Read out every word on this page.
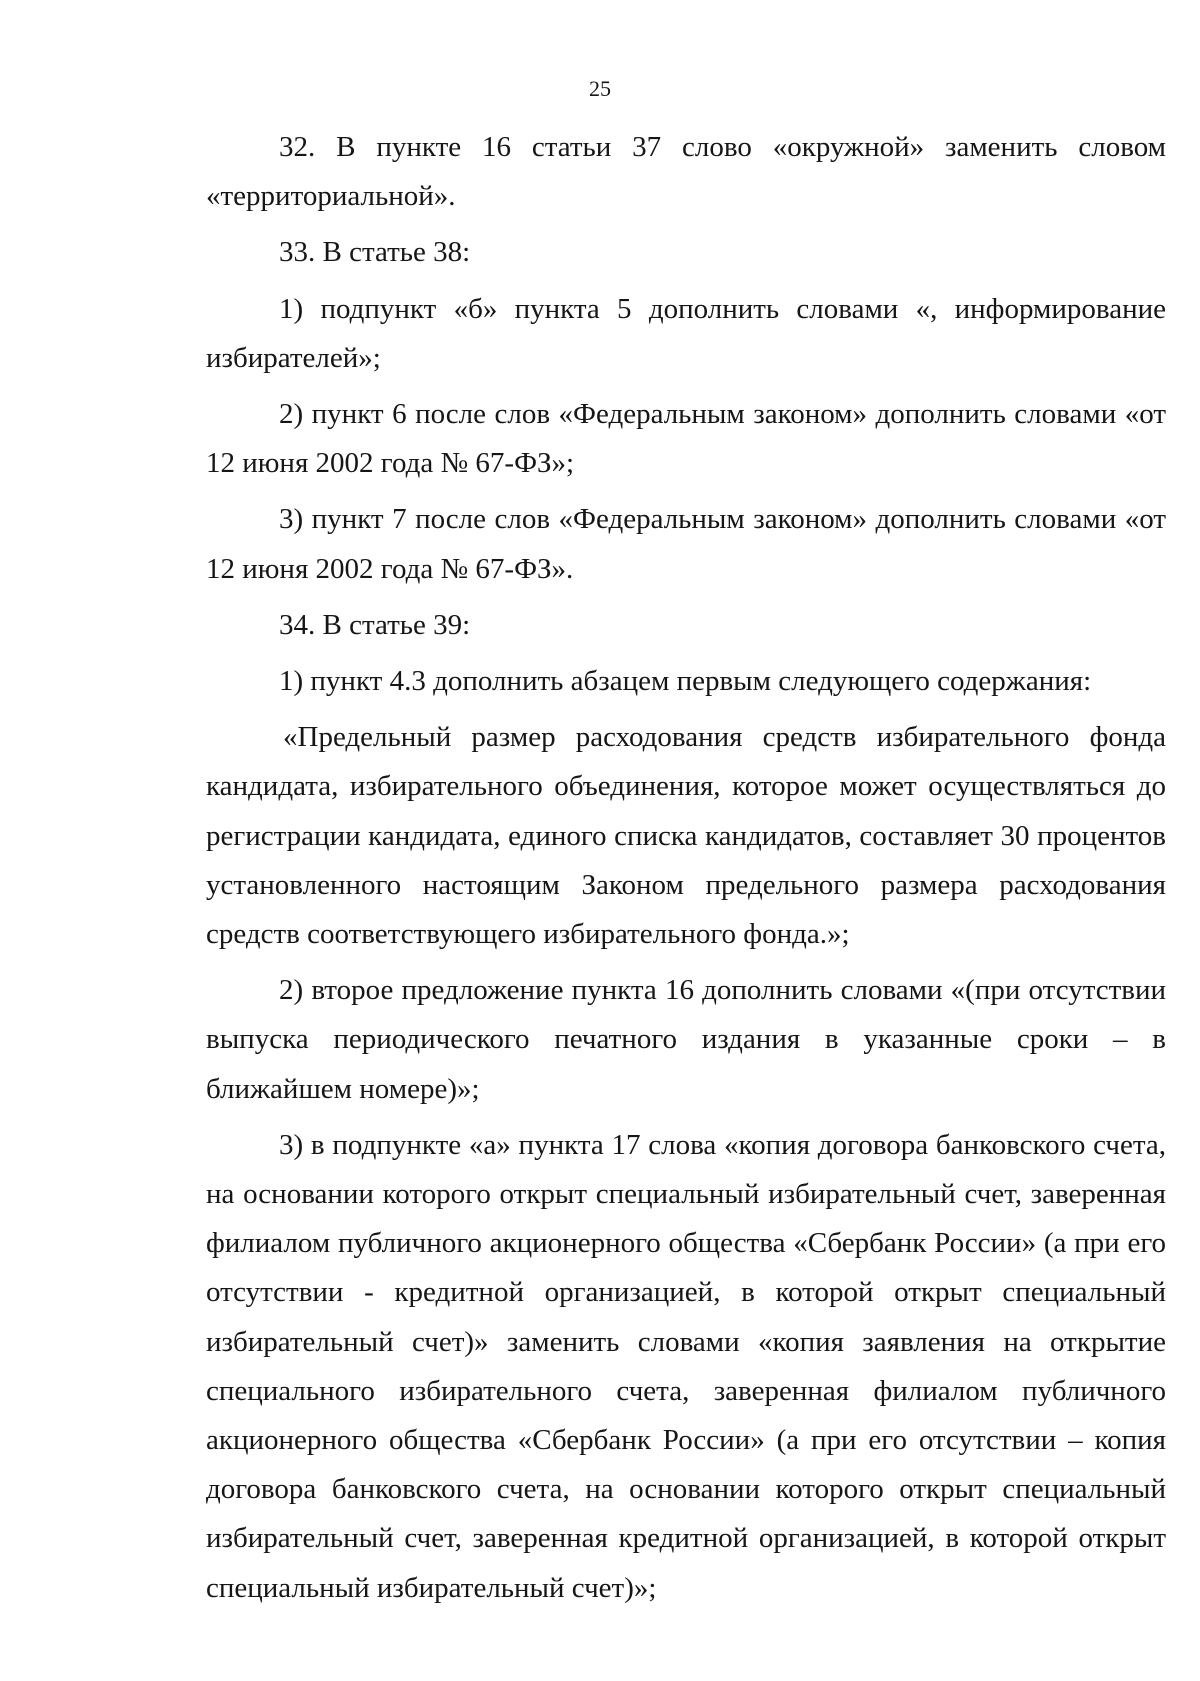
25

32. В пункте 16 статьи 37 слово «окружной» заменить словом «территориальной».

33. В статье 38:

1) подпункт «б» пункта 5 дополнить словами «, информирование избирателей»;

2) пункт 6 после слов «Федеральным законом» дополнить словами «от 12 июня 2002 года № 67-ФЗ»;

3) пункт 7 после слов «Федеральным законом» дополнить словами «от 12 июня 2002 года № 67-ФЗ».

34. В статье 39:

1) пункт 4.3 дополнить абзацем первым следующего содержания:

«Предельный размер расходования средств избирательного фонда кандидата, избирательного объединения, которое может осуществляться до регистрации кандидата, единого списка кандидатов, составляет 30 процентов установленного настоящим Законом предельного размера расходования средств соответствующего избирательного фонда.»;

2) второе предложение пункта 16 дополнить словами «(при отсутствии выпуска периодического печатного издания в указанные сроки – в ближайшем номере)»;

3) в подпункте «а» пункта 17 слова «копия договора банковского счета, на основании которого открыт специальный избирательный счет, заверенная филиалом публичного акционерного общества «Сбербанк России» (а при его отсутствии - кредитной организацией, в которой открыт специальный избирательный счет)» заменить словами «копия заявления на открытие специального избирательного счета, заверенная филиалом публичного акционерного общества «Сбербанк России» (а при его отсутствии – копия договора банковского счета, на основании которого открыт специальный избирательный счет, заверенная кредитной организацией, в которой открыт специальный избирательный счет)»;
